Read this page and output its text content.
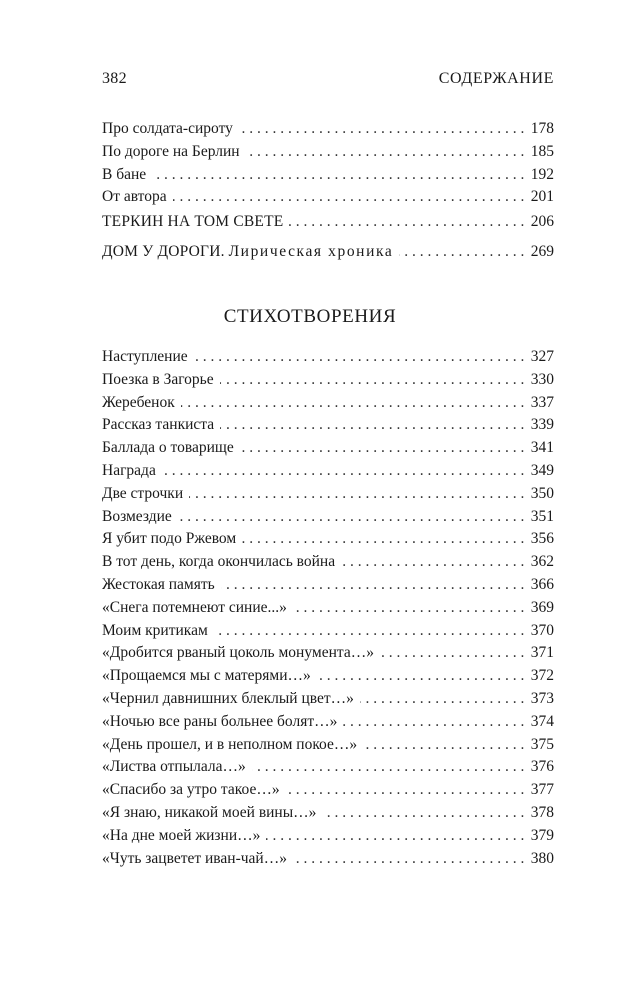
382	СОДЕРЖАНИЕ
Про солдата-сироту . . .	178
По дороге на Берлин . . .	185
В бане . . .	192
От автора . . .	201
ТЕРКИН НА ТОМ СВЕТЕ . . .	206
ДОМ У ДОРОГИ. Лирическая хроника . . .	269
СТИХОТВОРЕНИЯ
Наступление . . .	327
Поезка в Загорье . . .	330
Жеребенок . . .	337
Рассказ танкиста . . .	339
Баллада о товарище . . .	341
Награда . . .	349
Две строчки . . .	350
Возмездие . . .	351
Я убит подо Ржевом . . .	356
В тот день, когда окончилась война . . .	362
Жестокая память . . .	366
«Снега потемнеют синие...» . . .	369
Моим критикам . . .	370
«Дробится рваный цоколь монумента…» . . .	371
«Прощаемся мы с матерями…» . . .	372
«Чернил давнишних блеклый цвет…» . . .	373
«Ночью все раны больнее болят…» . . .	374
«День прошел, и в неполном покое…» . . .	375
«Листва отпылала…» . . .	376
«Спасибо за утро такое…» . . .	377
«Я знаю, никакой моей вины…» . . .	378
«На дне моей жизни…» . . .	379
«Чуть зацветет иван-чай…» . . .	380
